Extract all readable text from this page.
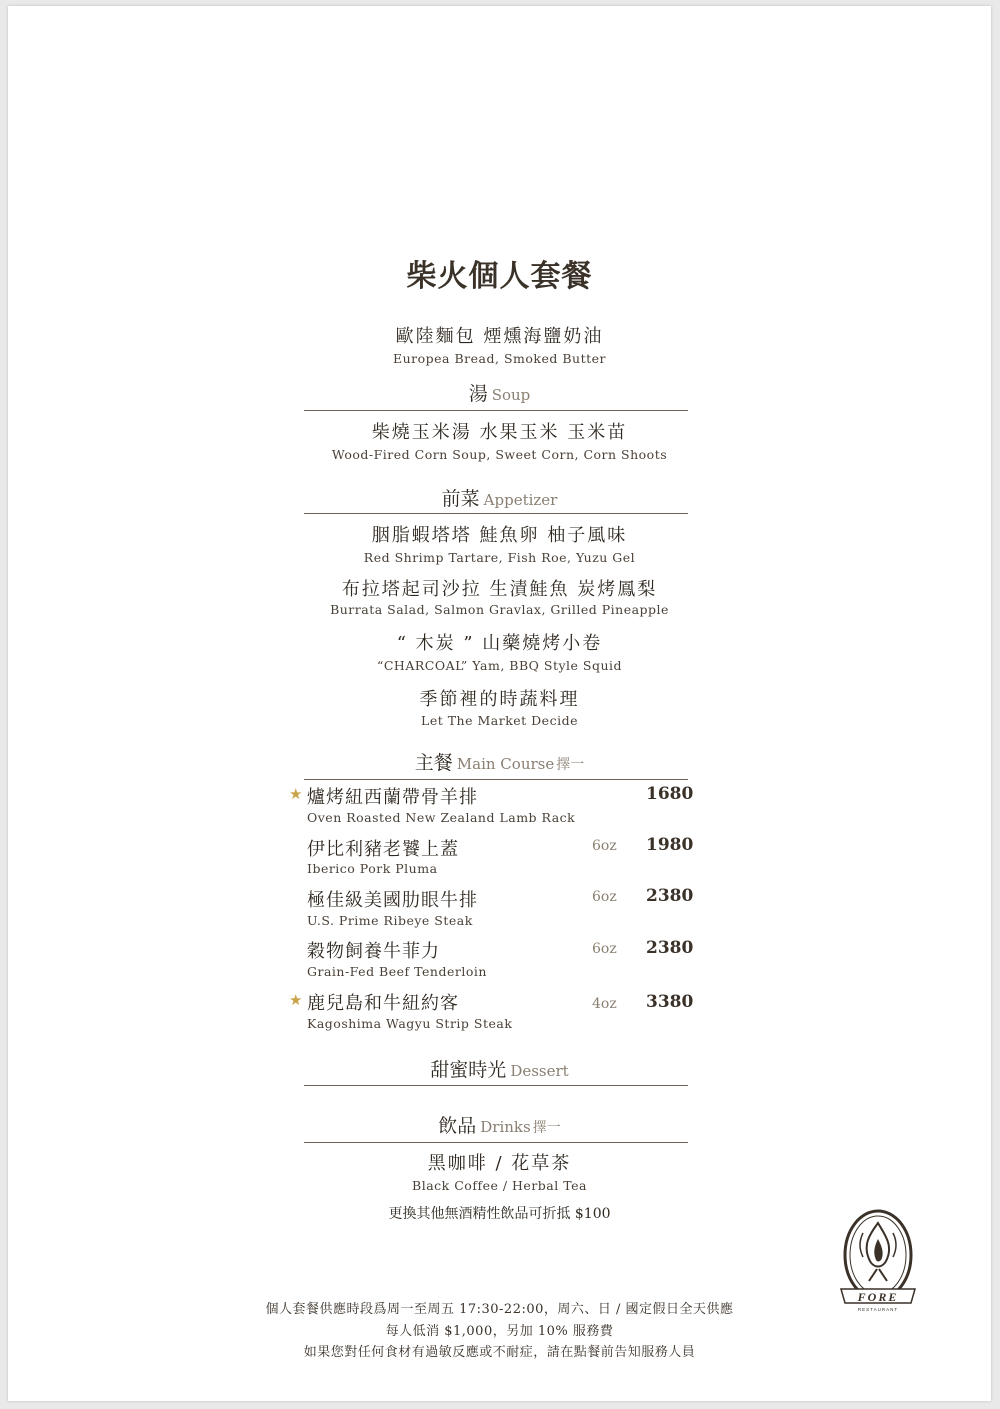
柴火個人套餐
歐陸麵包 煙燻海鹽奶油
Europea Bread, Smoked Butter
湯 Soup
柴燒玉米湯 水果玉米 玉米苗
Wood-Fired Corn Soup, Sweet Corn, Corn Shoots
前菜 Appetizer
胭脂蝦塔塔 鮭魚卵 柚子風味
Red Shrimp Tartare, Fish Roe, Yuzu Gel
布拉塔起司沙拉 生漬鮭魚 炭烤鳳梨
Burrata Salad, Salmon Gravlax, Grilled Pineapple
“ 木炭 ” 山藥燒烤小卷
“CHARCOAL” Yam, BBQ Style Squid
季節裡的時蔬料理
Let The Market Decide
主餐 Main Course 擇一
★ 爐烤紐西蘭帶骨羊排	1680
Oven Roasted New Zealand Lamb Rack
伊比利豬老饕上蓋	6oz 1980
Iberico Pork Pluma
極佳級美國肋眼牛排	6oz 2380
U.S. Prime Ribeye Steak
穀物飼養牛菲力	6oz 2380
Grain-Fed Beef Tenderloin
★ 鹿兒島和牛紐約客	4oz 3380
Kagoshima Wagyu Strip Steak
甜蜜時光 Dessert
飲品 Drinks 擇一
黑咖啡 / 花草茶
Black Coffee / Herbal Tea
更換其他無酒精性飲品可折抵 $100
FORE
RESTAURANT
個人套餐供應時段爲周一至周五 17:30-22:00，周六、日 / 國定假日全天供應
每人低消 $1,000，另加 10% 服務費
如果您對任何食材有過敏反應或不耐症，請在點餐前告知服務人員
